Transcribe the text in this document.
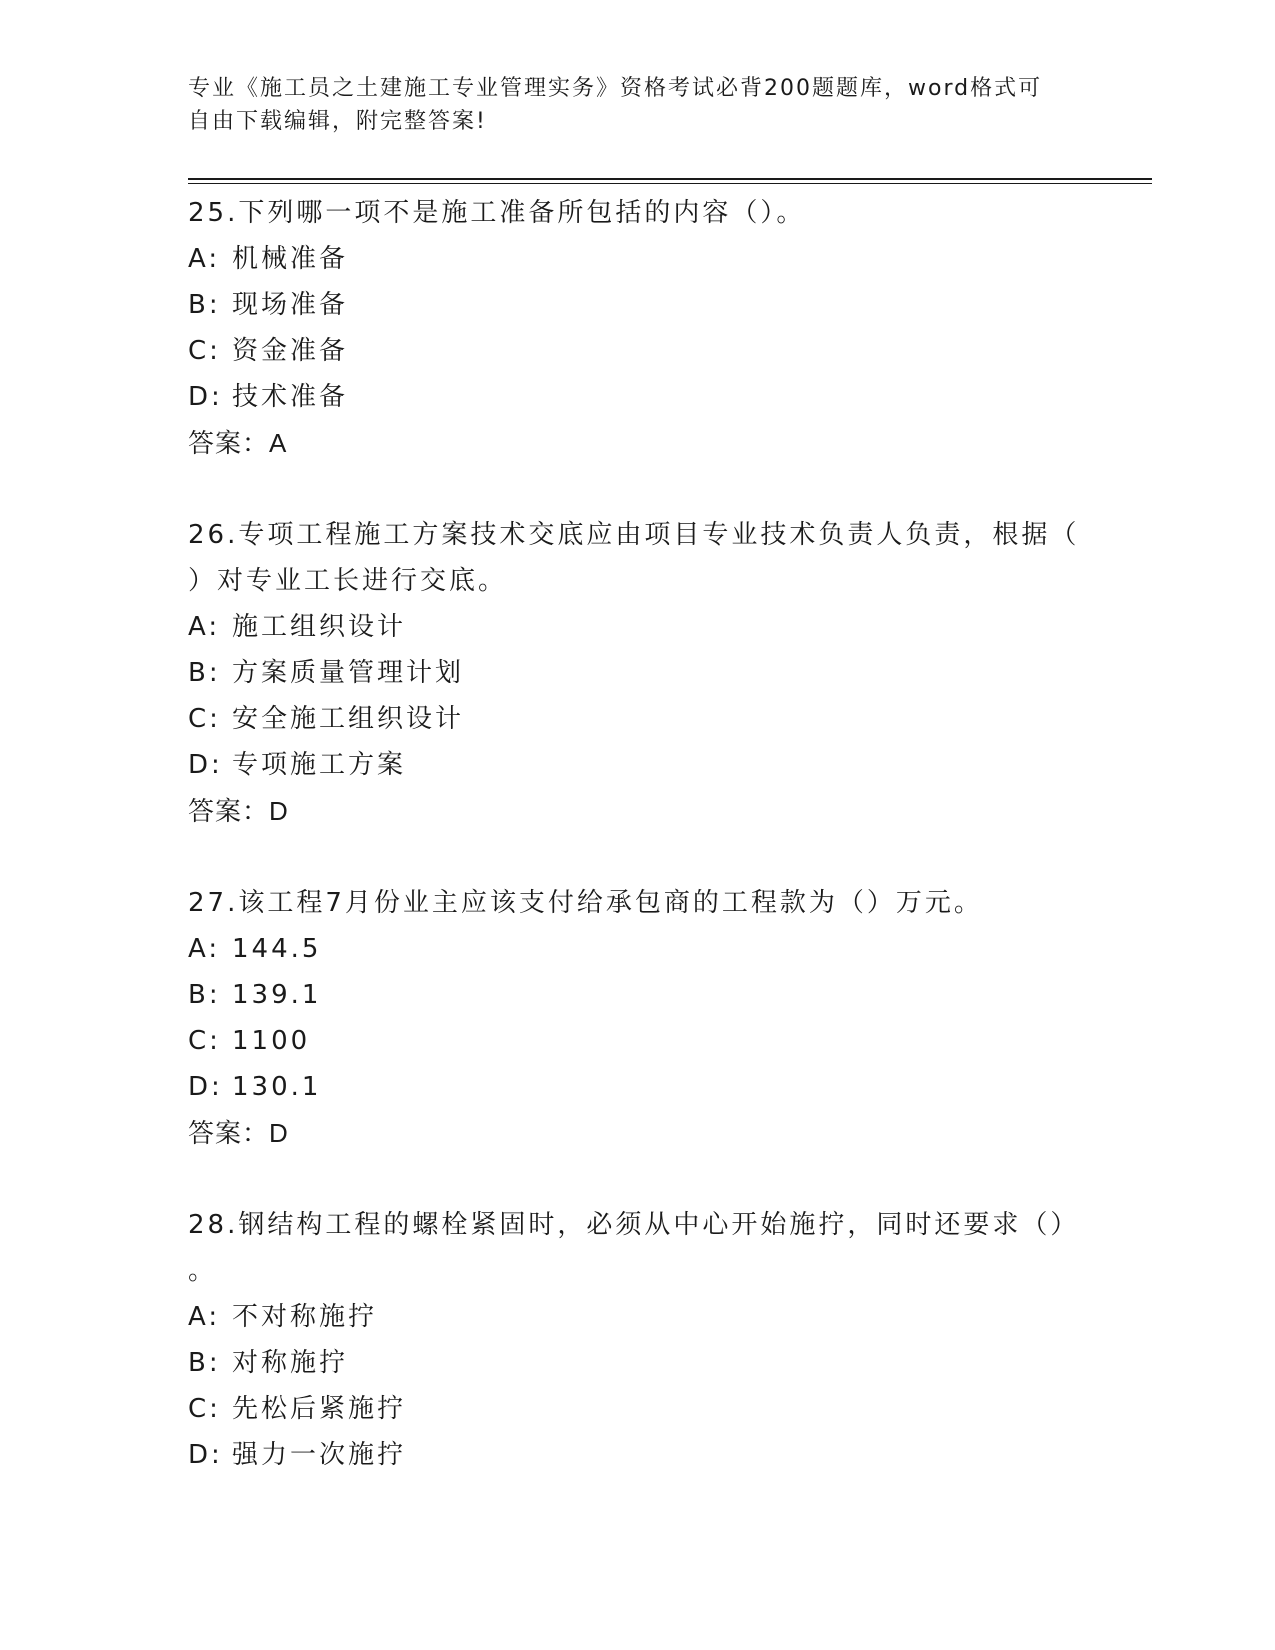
专业《施工员之土建施工专业管理实务》资格考试必背200题题库，word格式可
自由下载编辑，附完整答案!

25.下列哪一项不是施工准备所包括的内容（）。

A: 机械准备

B: 现场准备

C: 资金准备

D: 技术准备

答案：A

26.专项工程施工方案技术交底应由项目专业技术负责人负责，根据（

）对专业工长进行交底。

A: 施工组织设计

B: 方案质量管理计划

C: 安全施工组织设计

D: 专项施工方案

答案：D

27.该工程7月份业主应该支付给承包商的工程款为（）万元。

A: 144.5

B: 139.1

C: 1100

D: 130.1

答案：D

28.钢结构工程的螺栓紧固时，必须从中心开始施拧，同时还要求（）

。

A: 不对称施拧

B: 对称施拧

C: 先松后紧施拧

D: 强力一次施拧
